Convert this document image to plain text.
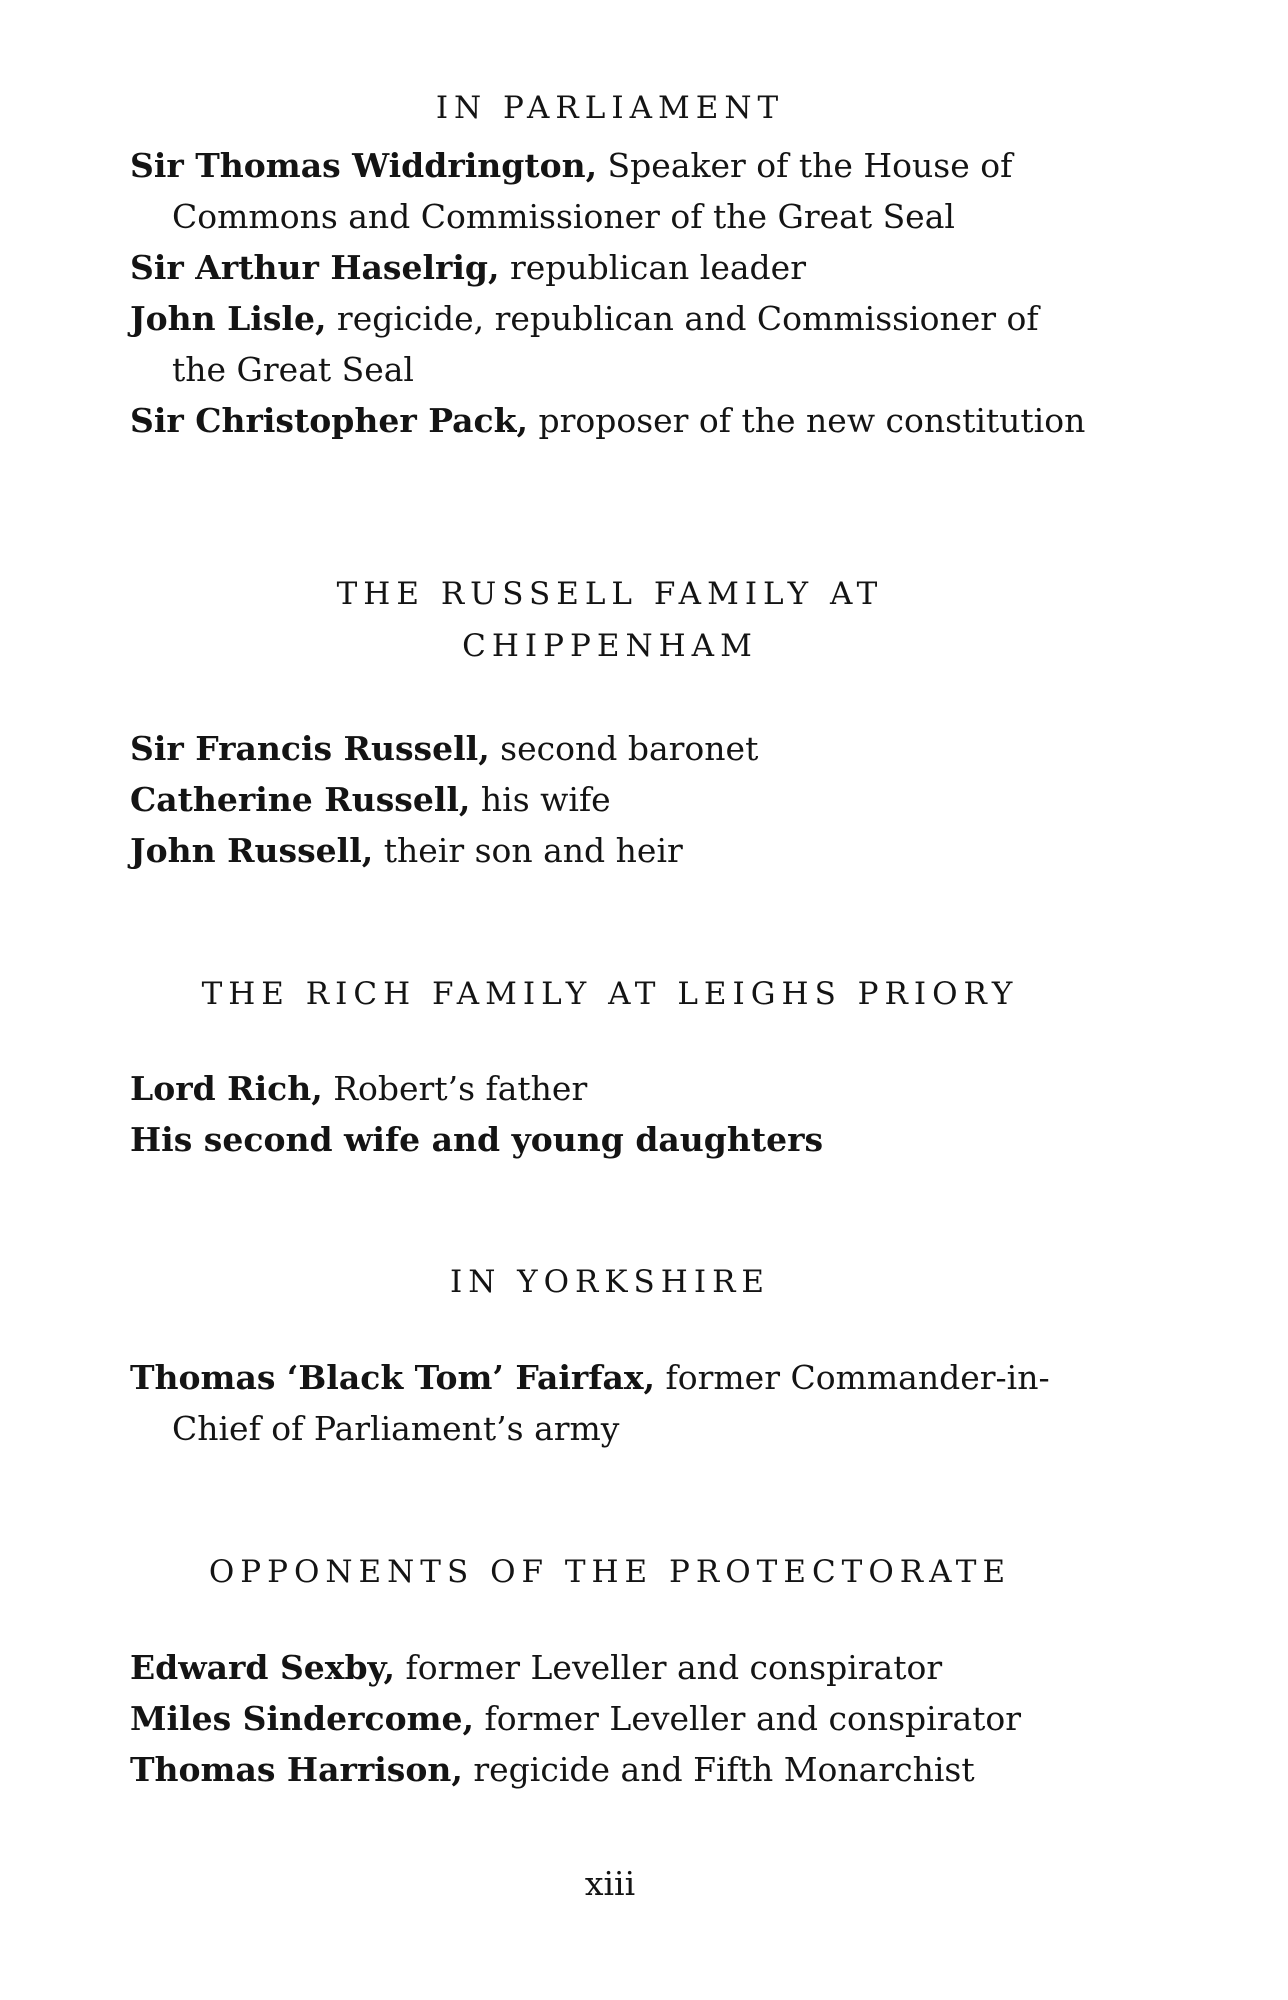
IN PARLIAMENT

Sir Thomas Widdrington, Speaker of the House of
Commons and Commissioner of the Great Seal

Sir Arthur Haselrig, republican leader

John Lisle, regicide, republican and Commissioner of
the Great Seal

Sir Christopher Pack, proposer of the new constitution

THE RUSSELL FAMILY AT
CHIPPENHAM

Sir Francis Russell, second baronet

Catherine Russell, his wife

John Russell, their son and heir

THE RICH FAMILY AT LEIGHS PRIORY

Lord Rich, Robert’s father

His second wife and young daughters

IN YORKSHIRE

Thomas ‘Black Tom’ Fairfax, former Commander-in-
Chief of Parliament’s army

OPPONENTS OF THE PROTECTORATE

Edward Sexby, former Leveller and conspirator

Miles Sindercome, former Leveller and conspirator

Thomas Harrison, regicide and Fifth Monarchist

xiii
